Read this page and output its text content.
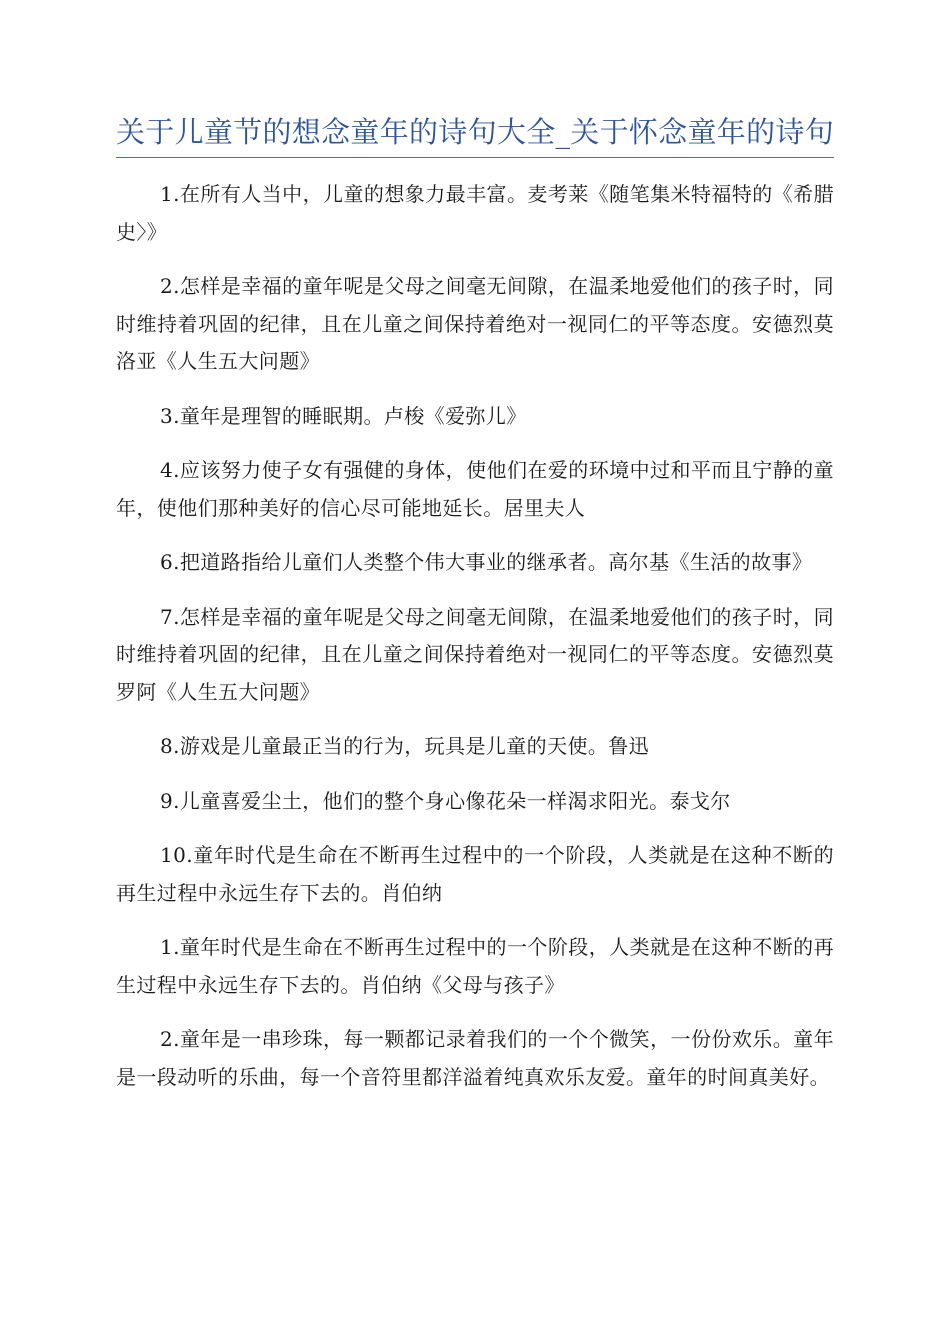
关于儿童节的想念童年的诗句大全_关于怀念童年的诗句

1.在所有人当中，儿童的想象力最丰富。麦考莱《随笔集米特福特的《希腊史〉》

2.怎样是幸福的童年呢是父母之间毫无间隙，在温柔地爱他们的孩子时，同时维持着巩固的纪律，且在儿童之间保持着绝对一视同仁的平等态度。安德烈莫洛亚《人生五大问题》

3.童年是理智的睡眠期。卢梭《爱弥儿》

4.应该努力使子女有强健的身体，使他们在爱的环境中过和平而且宁静的童年，使他们那种美好的信心尽可能地延长。居里夫人

6.把道路指给儿童们人类整个伟大事业的继承者。高尔基《生活的故事》

7.怎样是幸福的童年呢是父母之间毫无间隙，在温柔地爱他们的孩子时，同时维持着巩固的纪律，且在儿童之间保持着绝对一视同仁的平等态度。安德烈莫罗阿《人生五大问题》

8.游戏是儿童最正当的行为，玩具是儿童的天使。鲁迅

9.儿童喜爱尘土，他们的整个身心像花朵一样渴求阳光。泰戈尔

10.童年时代是生命在不断再生过程中的一个阶段，人类就是在这种不断的再生过程中永远生存下去的。肖伯纳

1.童年时代是生命在不断再生过程中的一个阶段，人类就是在这种不断的再生过程中永远生存下去的。肖伯纳《父母与孩子》

2.童年是一串珍珠，每一颗都记录着我们的一个个微笑，一份份欢乐。童年是一段动听的乐曲，每一个音符里都洋溢着纯真欢乐友爱。童年的时间真美好。
